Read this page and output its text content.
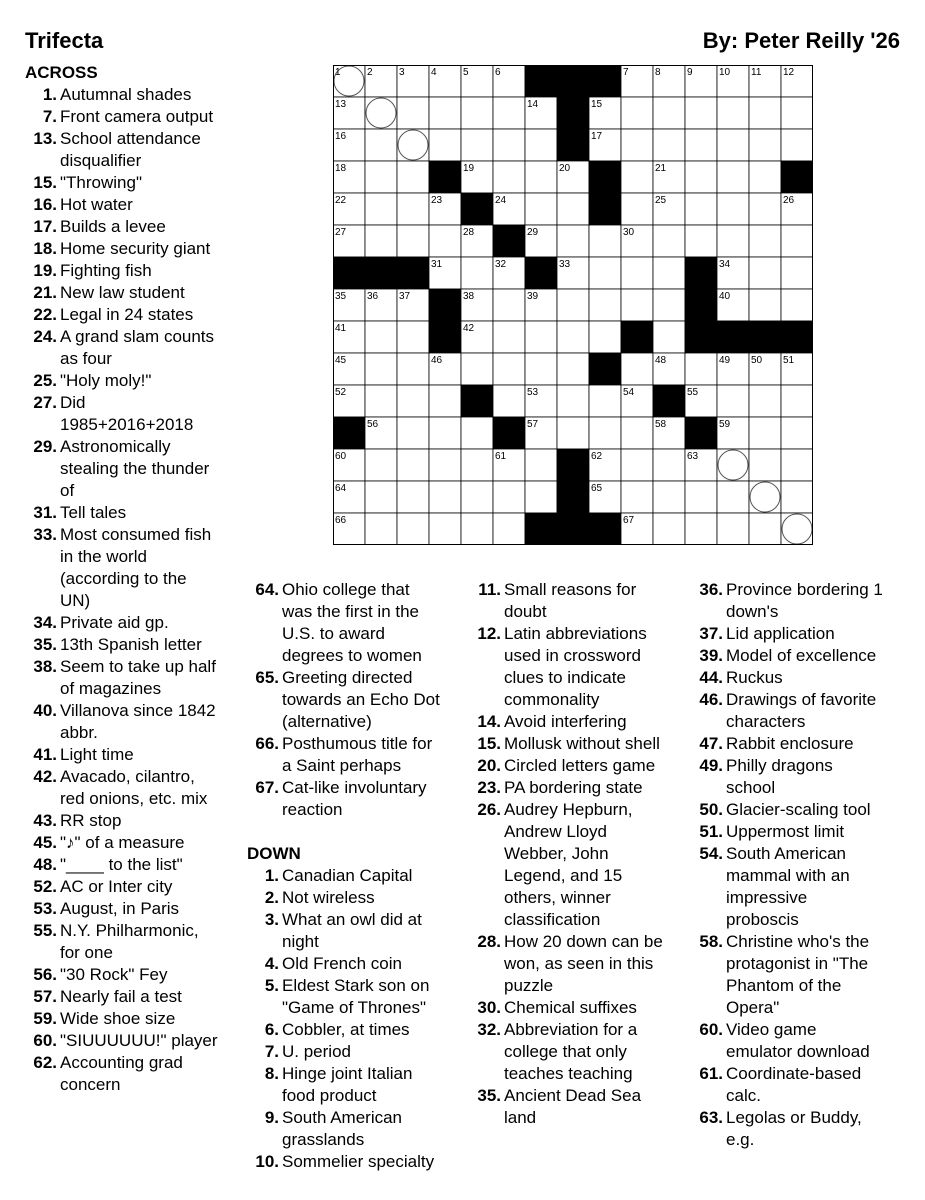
Trifecta	By: Peter Reilly '26
1	2	3	4	5	6	7	8	9	10 11 12
13	14	15
16	17
18	19	20	21
22	23	24	25	26
27	28	29	30
31	32	33	34
35 36 37	38	39	40
41	42	43	44
45	46	47	48	49 50 51
52	53	54	55
56	57	58	59
60	61	62	63
64	65
66	67
ACROSS
1. Autumnal shades
7. Front camera output
13. School attendance
disqualifier
15. "Throwing"
16. Hot water
17. Builds a levee
18. Home security giant
19. Fighting fish
21. New law student
22. Legal in 24 states
24. A grand slam counts
as four
25. "Holy moly!"
27. Did
1985+2016+2018
29. Astronomically
stealing the thunder
of
31. Tell tales
33. Most consumed fish
in the world
(according to the
UN)
34. Private aid gp.
35. 13th Spanish letter
38. Seem to take up half
of magazines
40. Villanova since 1842
abbr.
41. Light time
42. Avacado, cilantro,
red onions, etc. mix
43. RR stop
45. "♪" of a measure
48. "____ to the list"
52. AC or Inter city
53. August, in Paris
55. N.Y. Philharmonic,
for one
56. "30 Rock" Fey
57. Nearly fail a test
59. Wide shoe size
60. "SIUUUUUU!" player
62. Accounting grad
concern
64. Ohio college that
was the first in the
U.S. to award
degrees to women
65. Greeting directed
towards an Echo Dot
(alternative)
66. Posthumous title for
a Saint perhaps
67. Cat-like involuntary
reaction
DOWN
1. Canadian Capital
2. Not wireless
3. What an owl did at
night
4. Old French coin
5. Eldest Stark son on
"Game of Thrones"
6. Cobbler, at times
7. U. period
8. Hinge joint Italian
food product
9. South American
grasslands
10. Sommelier specialty
11. Small reasons for
doubt
12. Latin abbreviations
used in crossword
clues to indicate
commonality
14. Avoid interfering
15. Mollusk without shell
20. Circled letters game
23. PA bordering state
26. Audrey Hepburn,
Andrew Lloyd
Webber, John
Legend, and 15
others, winner
classification
28. How 20 down can be
won, as seen in this
puzzle
30. Chemical suffixes
32. Abbreviation for a
college that only
teaches teaching
35. Ancient Dead Sea
land
36. Province bordering 1
down's
37. Lid application
39. Model of excellence
44. Ruckus
46. Drawings of favorite
characters
47. Rabbit enclosure
49. Philly dragons
school
50. Glacier-scaling tool
51. Uppermost limit
54. South American
mammal with an
impressive
proboscis
58. Christine who's the
protagonist in "The
Phantom of the
Opera"
60. Video game
emulator download
61. Coordinate-based
calc.
63. Legolas or Buddy,
e.g.
